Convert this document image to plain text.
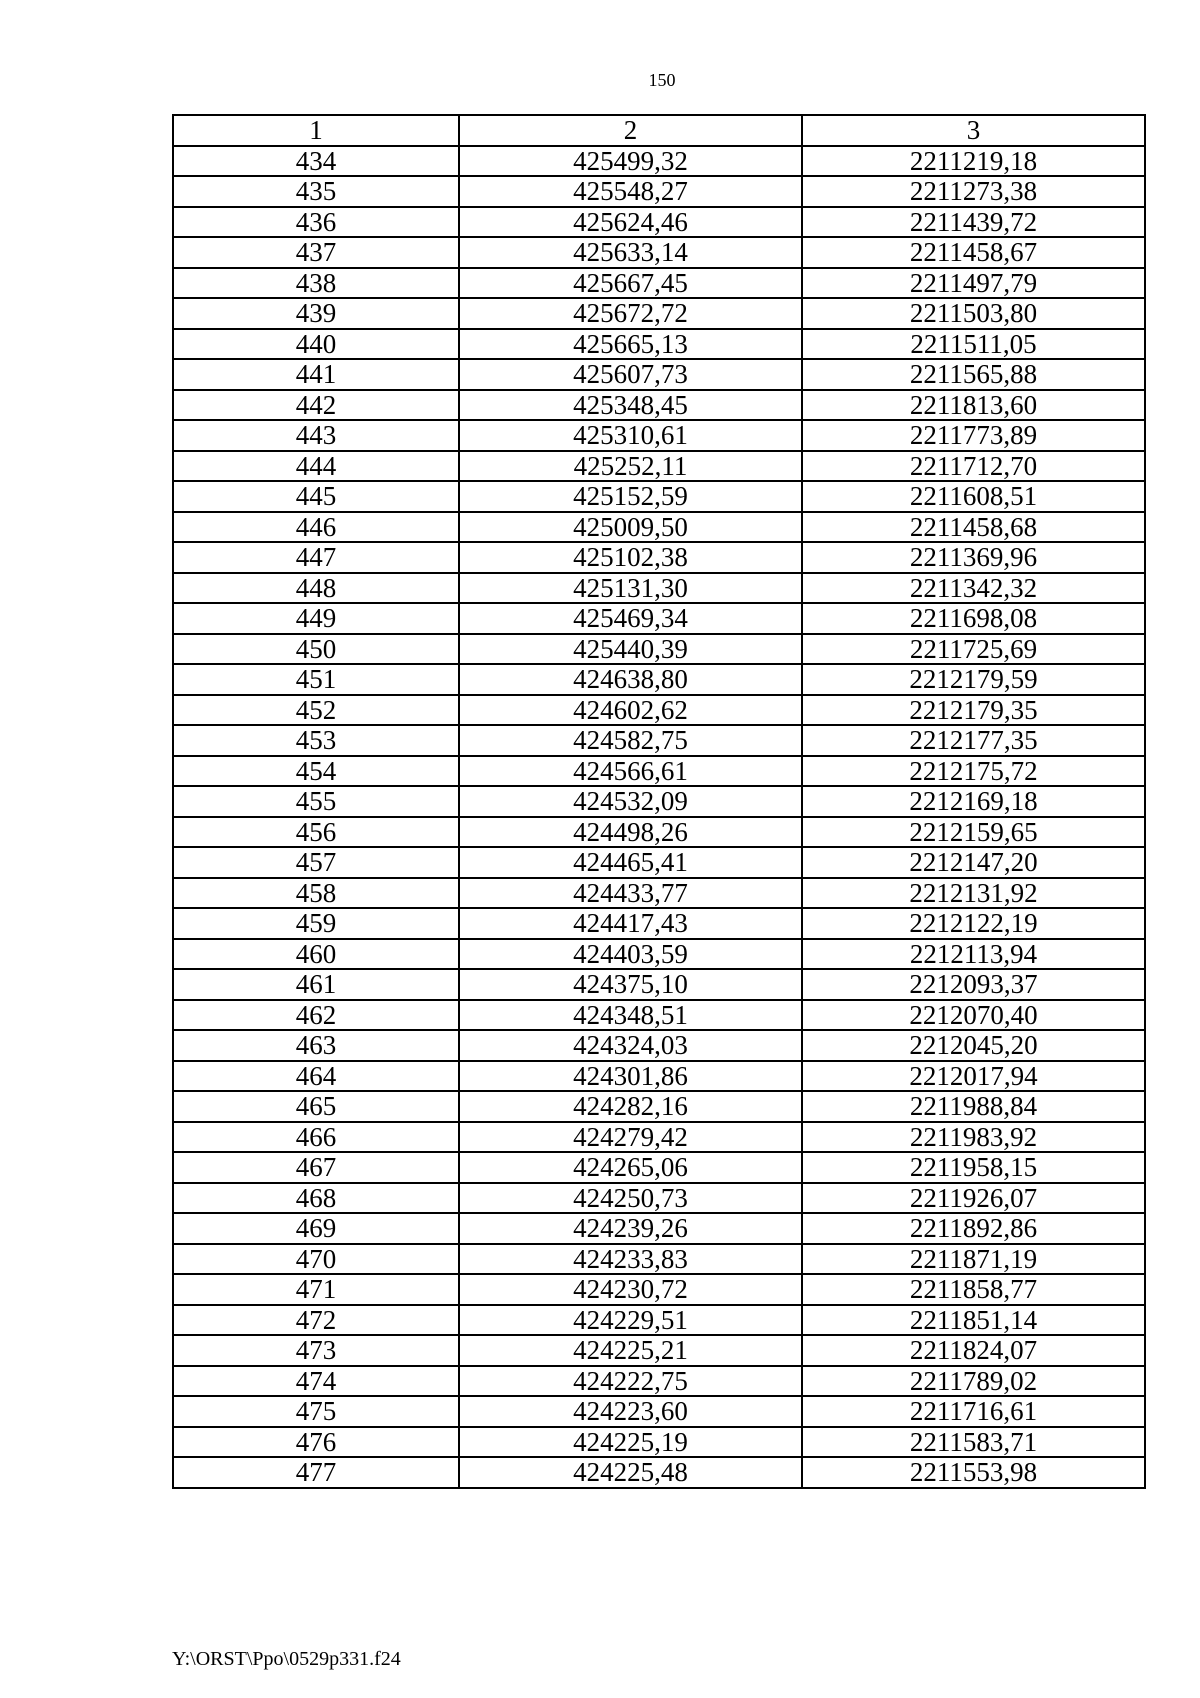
150
1	2	3
434	425499,32	2211219,18
435	425548,27	2211273,38
436	425624,46	2211439,72
437	425633,14	2211458,67
438	425667,45	2211497,79
439	425672,72	2211503,80
440	425665,13	2211511,05
441	425607,73	2211565,88
442	425348,45	2211813,60
443	425310,61	2211773,89
444	425252,11	2211712,70
445	425152,59	2211608,51
446	425009,50	2211458,68
447	425102,38	2211369,96
448	425131,30	2211342,32
449	425469,34	2211698,08
450	425440,39	2211725,69
451	424638,80	2212179,59
452	424602,62	2212179,35
453	424582,75	2212177,35
454	424566,61	2212175,72
455	424532,09	2212169,18
456	424498,26	2212159,65
457	424465,41	2212147,20
458	424433,77	2212131,92
459	424417,43	2212122,19
460	424403,59	2212113,94
461	424375,10	2212093,37
462	424348,51	2212070,40
463	424324,03	2212045,20
464	424301,86	2212017,94
465	424282,16	2211988,84
466	424279,42	2211983,92
467	424265,06	2211958,15
468	424250,73	2211926,07
469	424239,26	2211892,86
470	424233,83	2211871,19
471	424230,72	2211858,77
472	424229,51	2211851,14
473	424225,21	2211824,07
474	424222,75	2211789,02
475	424223,60	2211716,61
476	424225,19	2211583,71
477	424225,48	2211553,98
Y:\ORST\Ppo\0529p331.f24
